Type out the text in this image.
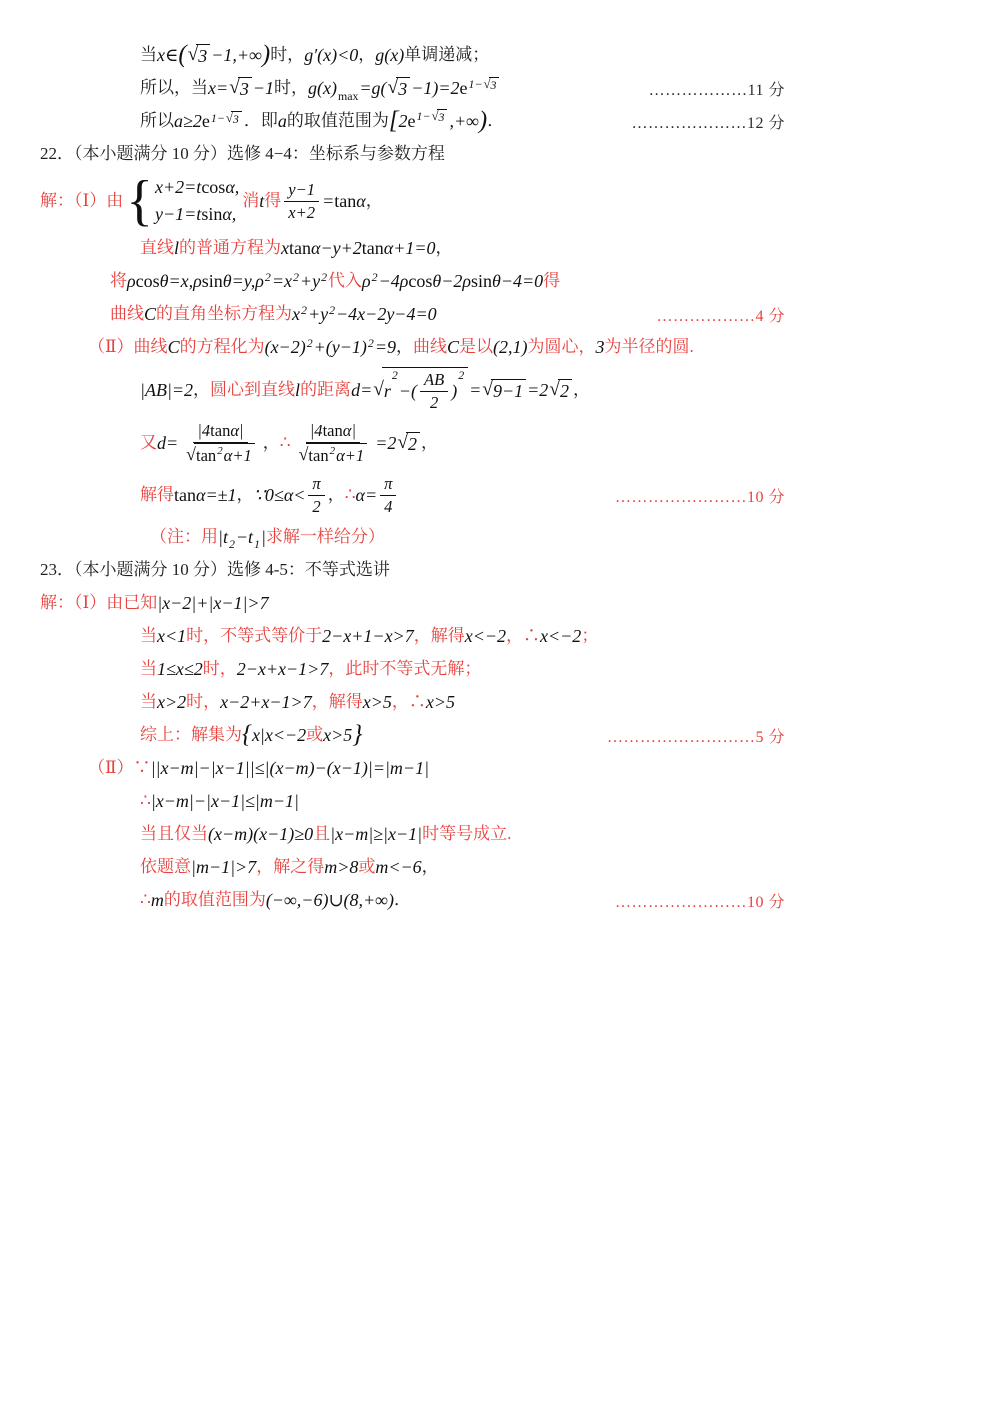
当 x∈ ( √ 3 −1,+∞ ) 时， g′(x)<0 ， g(x) 单调递减；
所以，当 x= √ 3 −1 时， g(x) max =g( √ 3 −1)=2 e 1− √ 3	………………11 分
所以 a≥2 e 1− √ 3 ．即 a 的取值范围为 [ 2 e 1− √ 3 ,+∞ ) ．	…………………12 分
22．（本小题满分 10 分）选修 4−4：坐标系与参数方程
解：（Ⅰ）由 { x+2=t cos α,
y−1=t sin α,
消 t 得 $\frac{y-1}{x+2} = \tan \alpha$ ，
直线 l 的普通方程为 x tan α−y+2 tan α+1=0 ，
将 ρ cos θ=x,ρ sin θ=y,ρ 2 =x 2 +y 2 代入 ρ 2 −4ρ cos θ−2ρ sin θ−4=0 得
曲线 C 的直角坐标方程为 x 2 +y 2 −4x−2y−4=0	………………4 分
（Ⅱ）曲线 C 的方程化为 (x−2) 2 +(y−1) 2 =9 ， 曲线 C 是以 (2,1) 为圆心， 3 为半径的圆.
|AB|=2 ， 圆心到直线 l 的距离 d= √ r
2
−( $\frac{AB}{2}$ )
2
= √ 9−1 =2 √ 2 ，
又 $d= \frac{\text{|4 tan α|}}{√ \tan 2 \alpha+1}$ ， ∴ $\frac{\text{|4 tan α|}}{√ \tan 2 \alpha+1} =2$ √ 2 ，
解得 tan α=±1 ， ∵0≤α< $\frac{\pi}{2}$ ， ∴ $\alpha= \frac{\pi}{4}$	……………………10 分
（注：用 |t 2 −t 1 | 求解一样给分）
23．（本小题满分 10 分）选修 4-5：不等式选讲
解：（Ⅰ）由已知 |x−2|+|x−1|>7
当 x<1 时，不等式等价于 2−x+1−x>7 ，解得 x<−2 ，∴ x<−2 ；
当 1≤x≤2 时， 2−x+x−1>7 ，此时不等式无解；
当 x>2 时， x−2+x−1>7 ，解得 x>5 ，∴ x>5
综上：解集为 { x|x<−2 或 x>5 }	………………………5 分
（Ⅱ）∵ ||x−m|−|x−1||≤|(x−m)−(x−1)|=|m−1|
∴ |x−m|−|x−1|≤|m−1|
当且仅当 (x−m)(x−1)≥0 且 |x−m|≥|x−1| 时等号成立.
依题意 |m−1|>7 ，解之得 m>8 或 m<−6 ，
∴ m 的取值范围为 (−∞,−6)∪(8,+∞) ．	……………………10 分
